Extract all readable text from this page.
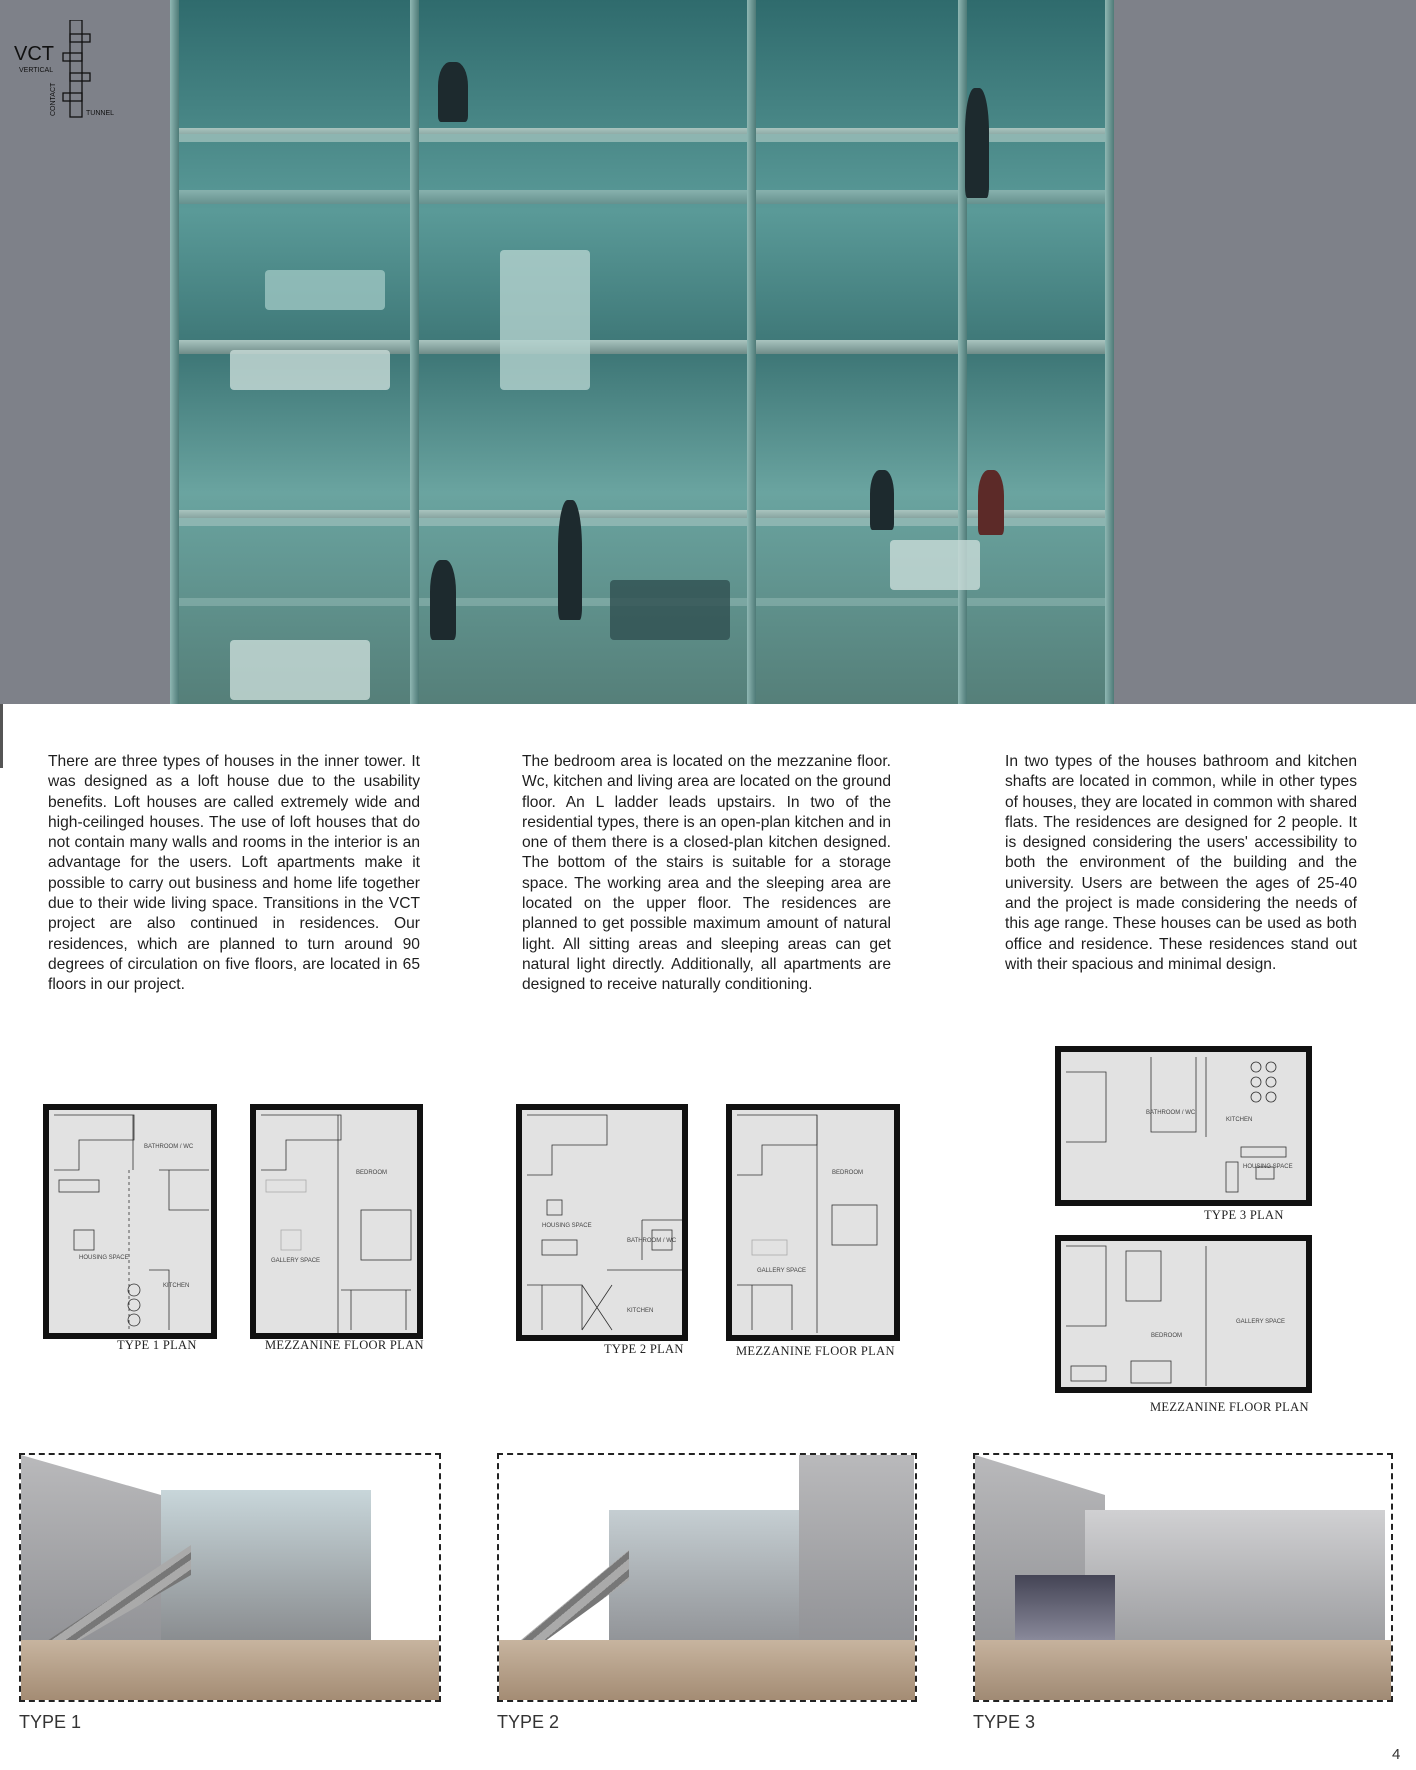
VCT
VERTICAL
CONTACT	TUNNEL

There are three types of houses in the inner tower. It was designed as a loft house due to the usability benefits. Loft houses are called extremely wide and high-ceilinged houses. The use of loft houses that do not contain many walls and rooms in the interior is an advantage for the users. Loft apartments make it possible to carry out business and home life together due to their wide living space. Transitions in the VCT project are also continued in residences. Our residences, which are planned to turn around 90 degrees of circulation on five floors, are located in 65 floors in our project.

The bedroom area is located on the mezzanine floor. Wc, kitchen and living area are located on the ground floor. An L ladder leads upstairs. In two of the residential types, there is an open-plan kitchen and in one of them there is a closed-plan kitchen designed. The bottom of the stairs is suitable for a storage space. The working area and the sleeping area are located on the upper floor. The residences are planned to get possible maximum amount of natural light. All sitting areas and sleeping areas can get natural light directly. Additionally, all apartments are designed to receive naturally conditioning.

In two types of the houses bathroom and kitchen shafts are located in common, while in other types of houses, they are located in common with shared flats. The residences are designed for 2 people. It is designed considering the users' accessibility to both the environment of the building and the university. Users are between the ages of 25-40 and the project is made considering the needs of this age range. These houses can be used as both office and residence. These residences stand out with their spacious and minimal design.

BATHROOM / WC
HOUSING SPACE
KITCHEN
TYPE 1 PLAN
BEDROOM
GALLERY SPACE
MEZZANINE FLOOR PLAN
HOUSING SPACE
BATHROOM / WC
KITCHEN
TYPE 2 PLAN
BEDROOM
GALLERY SPACE
MEZZANINE FLOOR PLAN
BATHROOM / WC
KITCHEN
HOUSING SPACE
TYPE 3 PLAN
BEDROOM
GALLERY SPACE
MEZZANINE FLOOR PLAN
TYPE 1	TYPE 2	TYPE 3
4
